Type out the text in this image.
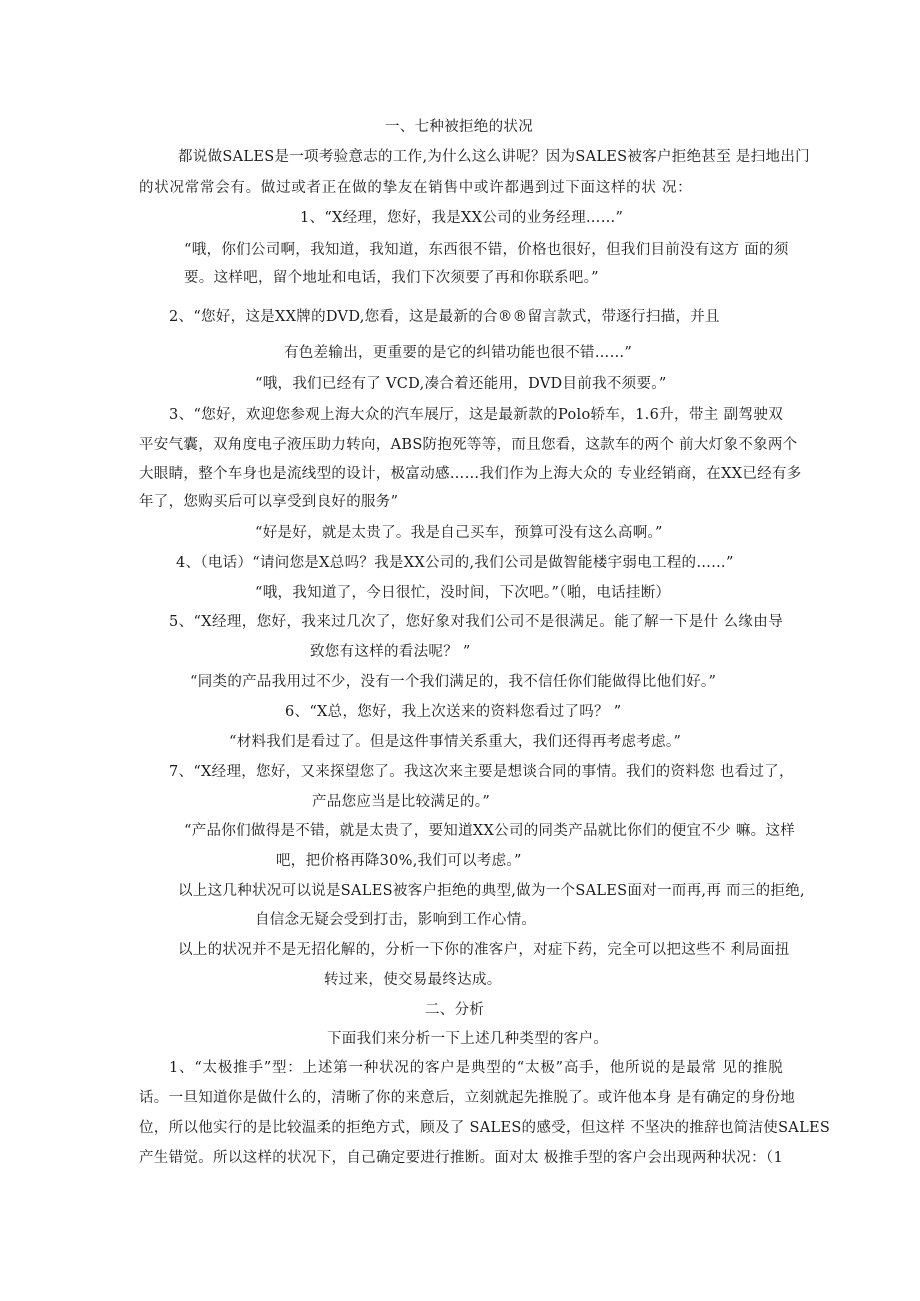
一、七种被拒绝的状况
都说做SALES是一项考验意志的工作,为什么这么讲呢？因为SALES被客户拒绝甚至 是扫地出门
的状况常常会有。做过或者正在做的挚友在销售中或许都遇到过下面这样的状 况：
1、“X经理，您好，我是XX公司的业务经理……”
“哦，你们公司啊，我知道，我知道，东西很不错，价格也很好，但我们目前没有这方 面的须
要。这样吧，留个地址和电话，我们下次须要了再和你联系吧。”
2、“您好，这是XX牌的DVD,您看，这是最新的合®®留言款式，带逐行扫描，并且
有色差输出，更重要的是它的纠错功能也很不错……”
“哦，我们已经有了 VCD,凑合着还能用，DVD目前我不须要。”
3、“您好，欢迎您参观上海大众的汽车展厅，这是最新款的Polo轿车，1.6升，带主 副驾驶双
平安气囊，双角度电子液压助力转向，ABS防抱死等等，而且您看，这款车的两个 前大灯象不象两个
大眼睛，整个车身也是流线型的设计，极富动感……我们作为上海大众的 专业经销商，在XX已经有多
年了，您购买后可以享受到良好的服务”
“好是好，就是太贵了。我是自己买车，预算可没有这么高啊。”
4、（电话）“请问您是X总吗？我是XX公司的,我们公司是做智能楼宇弱电工程的……”
“哦，我知道了，今日很忙，没时间，下次吧。”（啪，电话挂断）
5、“X经理，您好，我来过几次了，您好象对我们公司不是很满足。能了解一下是什 么缘由导
致您有这样的看法呢？ ”
“同类的产品我用过不少，没有一个我们满足的，我不信任你们能做得比他们好。”
6、“X总，您好，我上次送来的资料您看过了吗？ ”
“材料我们是看过了。但是这件事情关系重大，我们还得再考虑考虑。”
7、“X经理，您好，又来探望您了。我这次来主要是想谈合同的事情。我们的资料您 也看过了，
产品您应当是比较满足的。”
“产品你们做得是不错，就是太贵了，要知道XX公司的同类产品就比你们的便宜不少 嘛。这样
吧，把价格再降30%,我们可以考虑。”
以上这几种状况可以说是SALES被客户拒绝的典型,做为一个SALES面对一而再,再 而三的拒绝,
自信念无疑会受到打击，影响到工作心情。
以上的状况并不是无招化解的，分析一下你的准客户，对症下药，完全可以把这些不 利局面扭
转过来，使交易最终达成。
二、分析
下面我们来分析一下上述几种类型的客户。
1、“太极推手”型：上述第一种状况的客户是典型的“太极”高手，他所说的是最常 见的推脱
话。一旦知道你是做什么的，清晰了你的来意后，立刻就起先推脱了。或许他本身 是有确定的身份地
位，所以他实行的是比较温柔的拒绝方式，顾及了 SALES的感受，但这样 不坚决的推辞也简洁使SALES
产生错觉。所以这样的状况下，自己确定要进行推断。面对太 极推手型的客户会出现两种状况：（1
